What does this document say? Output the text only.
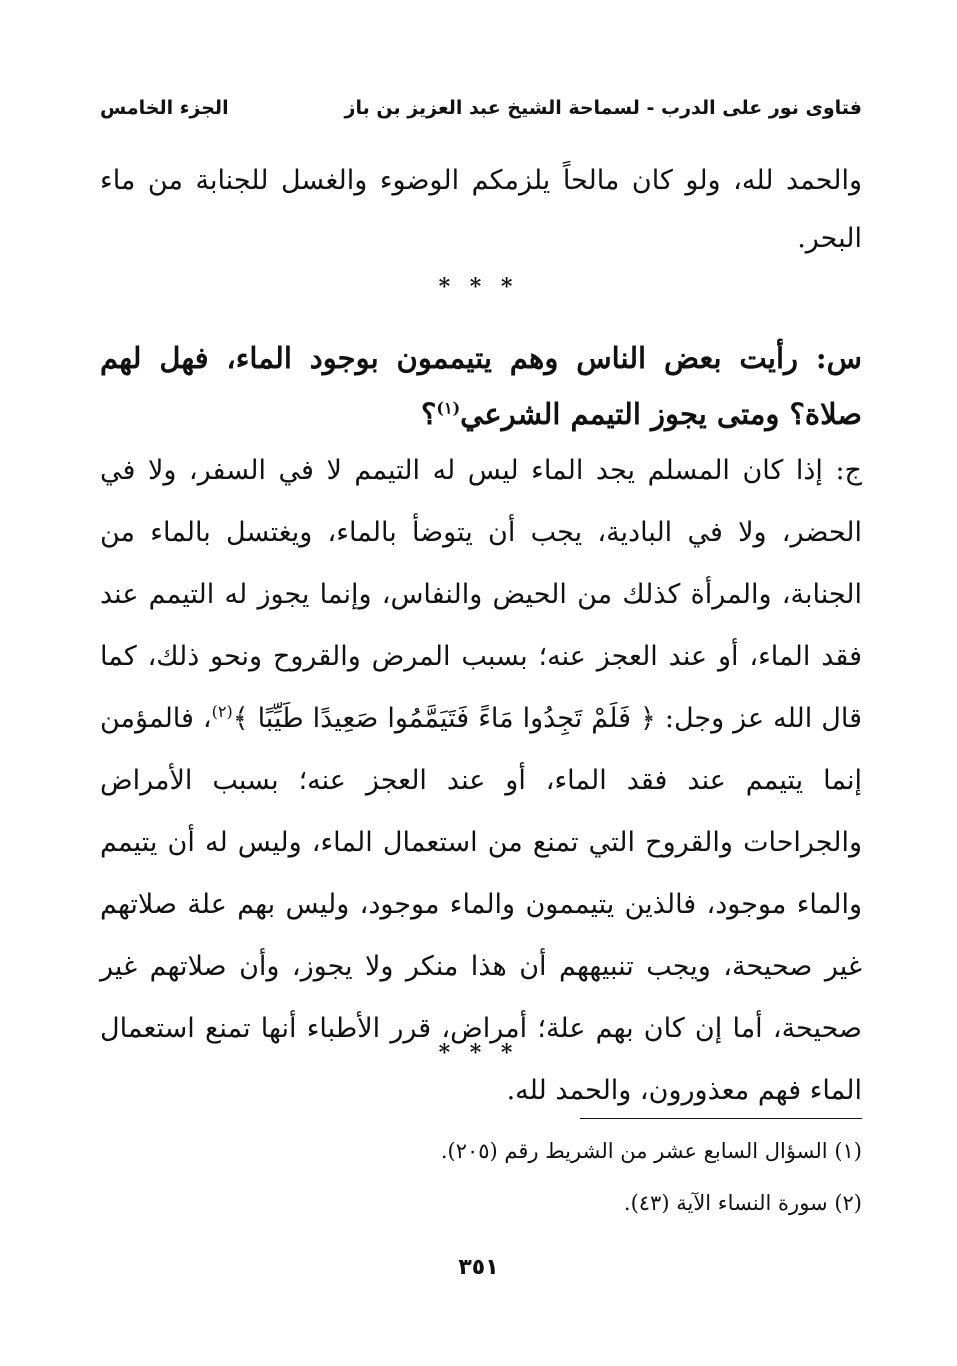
فتاوى نور على الدرب - لسماحة الشيخ عبد العزيز بن باز
الجزء الخامس
والحمد لله، ولو كان مالحاً يلزمكم الوضوء والغسل للجنابة من ماء البحر.
* * *
س: رأيت بعض الناس وهم يتيممون بوجود الماء، فهل لهم صلاة؟ ومتى يجوز التيمم الشرعي$^{(١)}$؟
ج: إذا كان المسلم يجد الماء ليس له التيمم لا في السفر، ولا في الحضر، ولا في البادية، يجب أن يتوضأ بالماء، ويغتسل بالماء من الجنابة، والمرأة كذلك من الحيض والنفاس، وإنما يجوز له التيمم عند فقد الماء، أو عند العجز عنه؛ بسبب المرض والقروح ونحو ذلك، كما قال الله عز وجل: ﴿ فَلَمْ تَجِدُوا مَاءً فَتَيَمَّمُوا صَعِيدًا طَيِّبًا ﴾$^{(٢)}$، فالمؤمن إنما يتيمم عند فقد الماء، أو عند العجز عنه؛ بسبب الأمراض والجراحات والقروح التي تمنع من استعمال الماء، وليس له أن يتيمم والماء موجود، فالذين يتيممون والماء موجود، وليس بهم علة صلاتهم غير صحيحة، ويجب تنبيههم أن هذا منكر ولا يجوز، وأن صلاتهم غير صحيحة، أما إن كان بهم علة؛ أمراض، قرر الأطباء أنها تمنع استعمال الماء فهم معذورون، والحمد لله.
* * *
(١) السؤال السابع عشر من الشريط رقم (٢٠٥).
(٢) سورة النساء الآية (٤٣).
٣٥١
